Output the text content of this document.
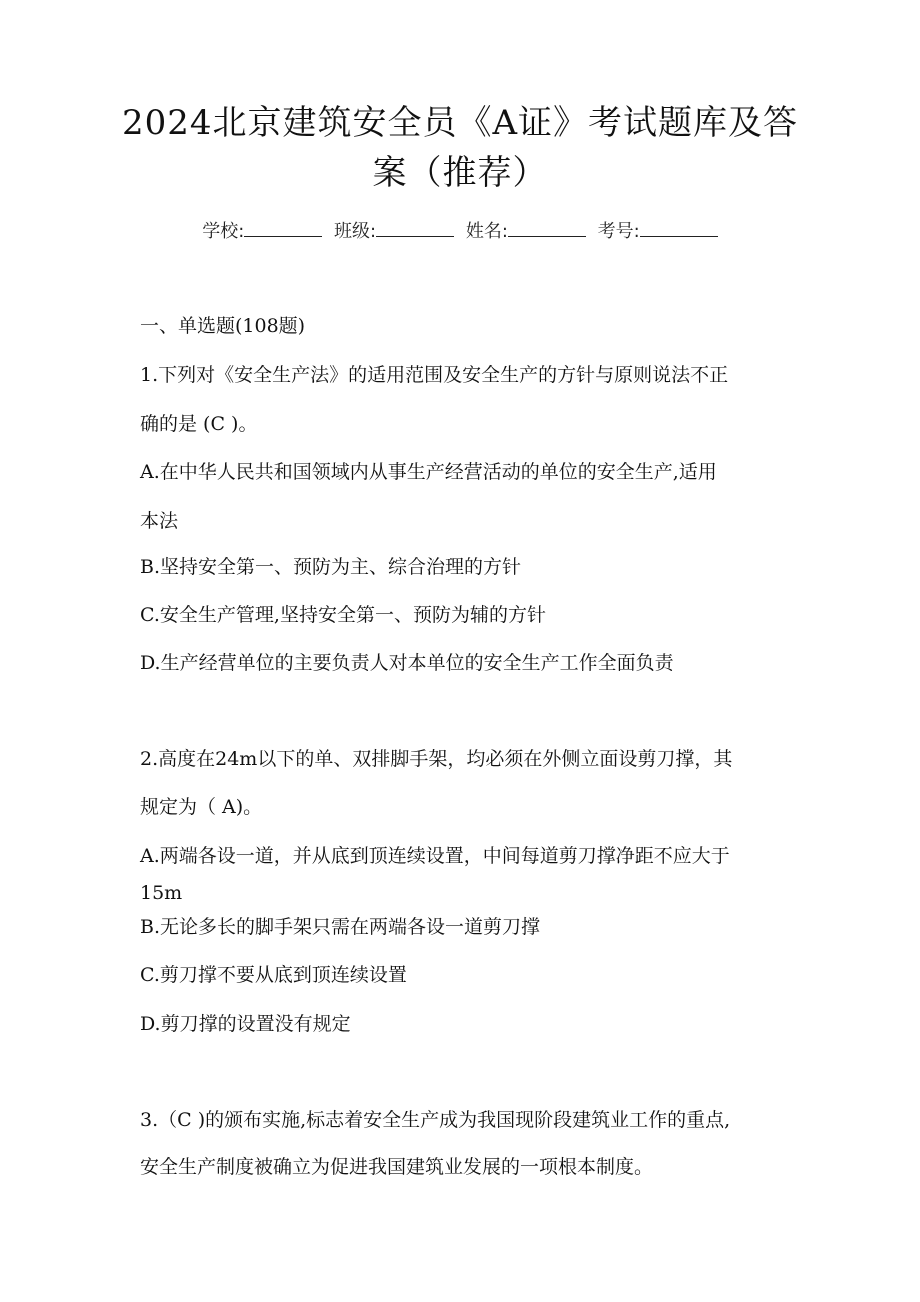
2024北京建筑安全员《A证》考试题库及答
案（推荐）
学校:	班级:	姓名:	考号:
一、单选题(108题)
1.下列对《安全生产法》的适用范围及安全生产的方针与原则说法不正
确的是 (C )。
A.在中华人民共和国领域内从事生产经营活动的单位的安全生产,适用
本法
B.坚持安全第一、预防为主、综合治理的方针
C.安全生产管理,坚持安全第一、预防为辅的方针
D.生产经营单位的主要负责人对本单位的安全生产工作全面负责
2.高度在24m以下的单、双排脚手架，均必须在外侧立面设剪刀撑，其
规定为（ A)。
A.两端各设一道，并从底到顶连续设置，中间每道剪刀撑净距不应大于
15m
B.无论多长的脚手架只需在两端各设一道剪刀撑
C.剪刀撑不要从底到顶连续设置
D.剪刀撑的设置没有规定
3.（C )的颁布实施,标志着安全生产成为我国现阶段建筑业工作的重点,
安全生产制度被确立为促进我国建筑业发展的一项根本制度。
